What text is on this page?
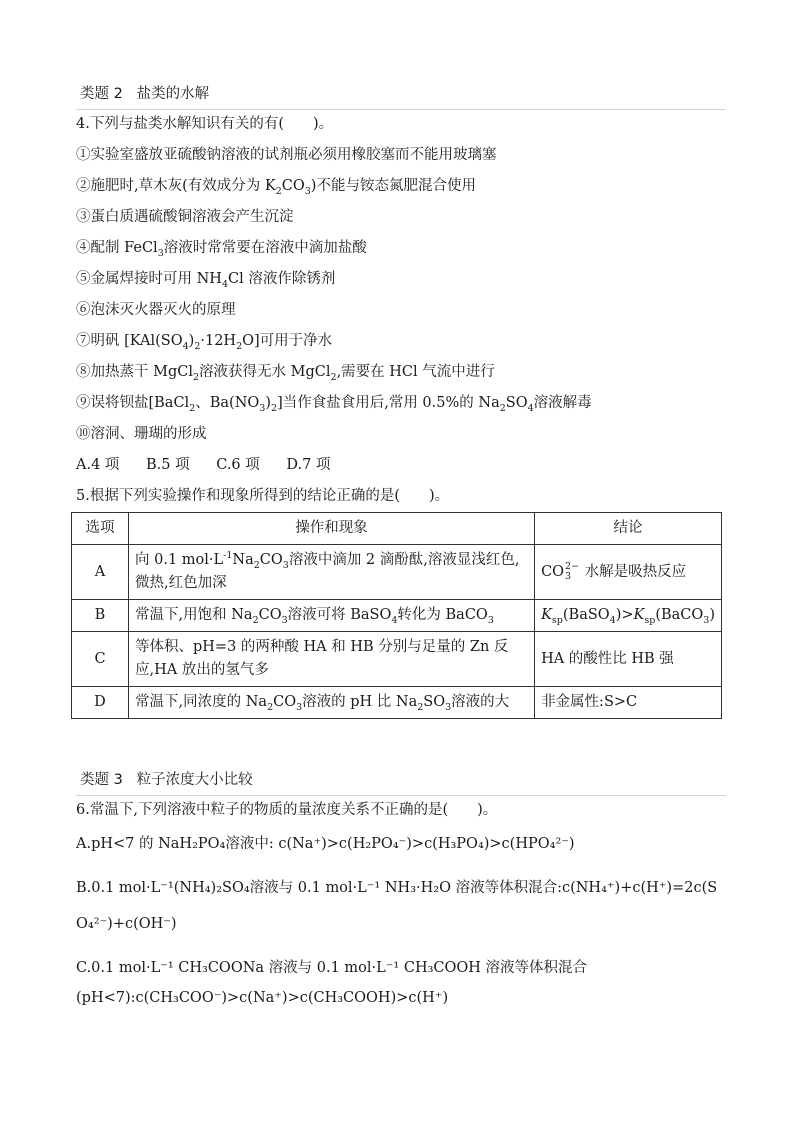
类题 2 盐类的水解
4.下列与盐类水解知识有关的有(　　)。
①实验室盛放亚硫酸钠溶液的试剂瓶必须用橡胶塞而不能用玻璃塞
②施肥时,草木灰(有效成分为 $K_2CO_3$)不能与铵态氮肥混合使用
③蛋白质遇硫酸铜溶液会产生沉淀
④配制 FeCl$_3$溶液时常常要在溶液中滴加盐酸
⑤金属焊接时可用 $NH_4Cl$ 溶液作除锈剂
⑥泡沫灭火器灭火的原理
⑦明矾 $[KAl(SO_4)_2\cdot 12H_2O]$可用于净水
⑧加热蒸干 MgCl$_2$溶液获得无水 MgCl$_2$,需要在 HCl 气流中进行
⑨误将钡盐[BaCl$_2$、$Ba(NO_3)_2$]当作食盐食用后,常用 0.5%的 $Na_2SO_4$溶液解毒
⑩溶洞、珊瑚的形成
A.4 项 B.5 项 C.6 项 D.7 项
5.根据下列实验操作和现象所得到的结论正确的是(　　)。
选项	操作和现象	结论
A	向 0.1 $mol\cdot L^{-1}Na_2CO_3$溶液中滴加 2 滴酚酞,溶液显浅红色,微热,红色加深	CO 2−
3 水解是吸热反应
B	常温下,用饱和 $Na_2CO_3$溶液可将 BaSO$_4$转化为 BaCO$_3$	$K_{sp}(BaSO_4)>K_{sp}(BaCO_3)$
C	等体积、pH=3 的两种酸 HA 和 HB 分别与足量的 Zn 反应,HA 放出的氢气多	HA 的酸性比 HB 强
D	常温下,同浓度的 $Na_2CO_3$溶液的 pH 比 $Na_2SO_3$溶液的大	非金属性:S>C
类题 3 粒子浓度大小比较
6.常温下,下列溶液中粒子的物质的量浓度关系不正确的是(　　)。
A.pH<7 的 NaH₂PO₄溶液中: c(Na⁺)>c(H₂PO₄⁻)>c(H₃PO₄)>c(HPO₄²⁻)
B.0.1 mol·L⁻¹(NH₄)₂SO₄溶液与 0.1 mol·L⁻¹ NH₃·H₂O 溶液等体积混合:c(NH₄⁺)+c(H⁺)=2c(S
O₄²⁻)+c(OH⁻)
C.0.1 mol·L⁻¹ CH₃COONa 溶液与 0.1 mol·L⁻¹ CH₃COOH 溶液等体积混合
(pH<7):c(CH₃COO⁻)>c(Na⁺)>c(CH₃COOH)>c(H⁺)
